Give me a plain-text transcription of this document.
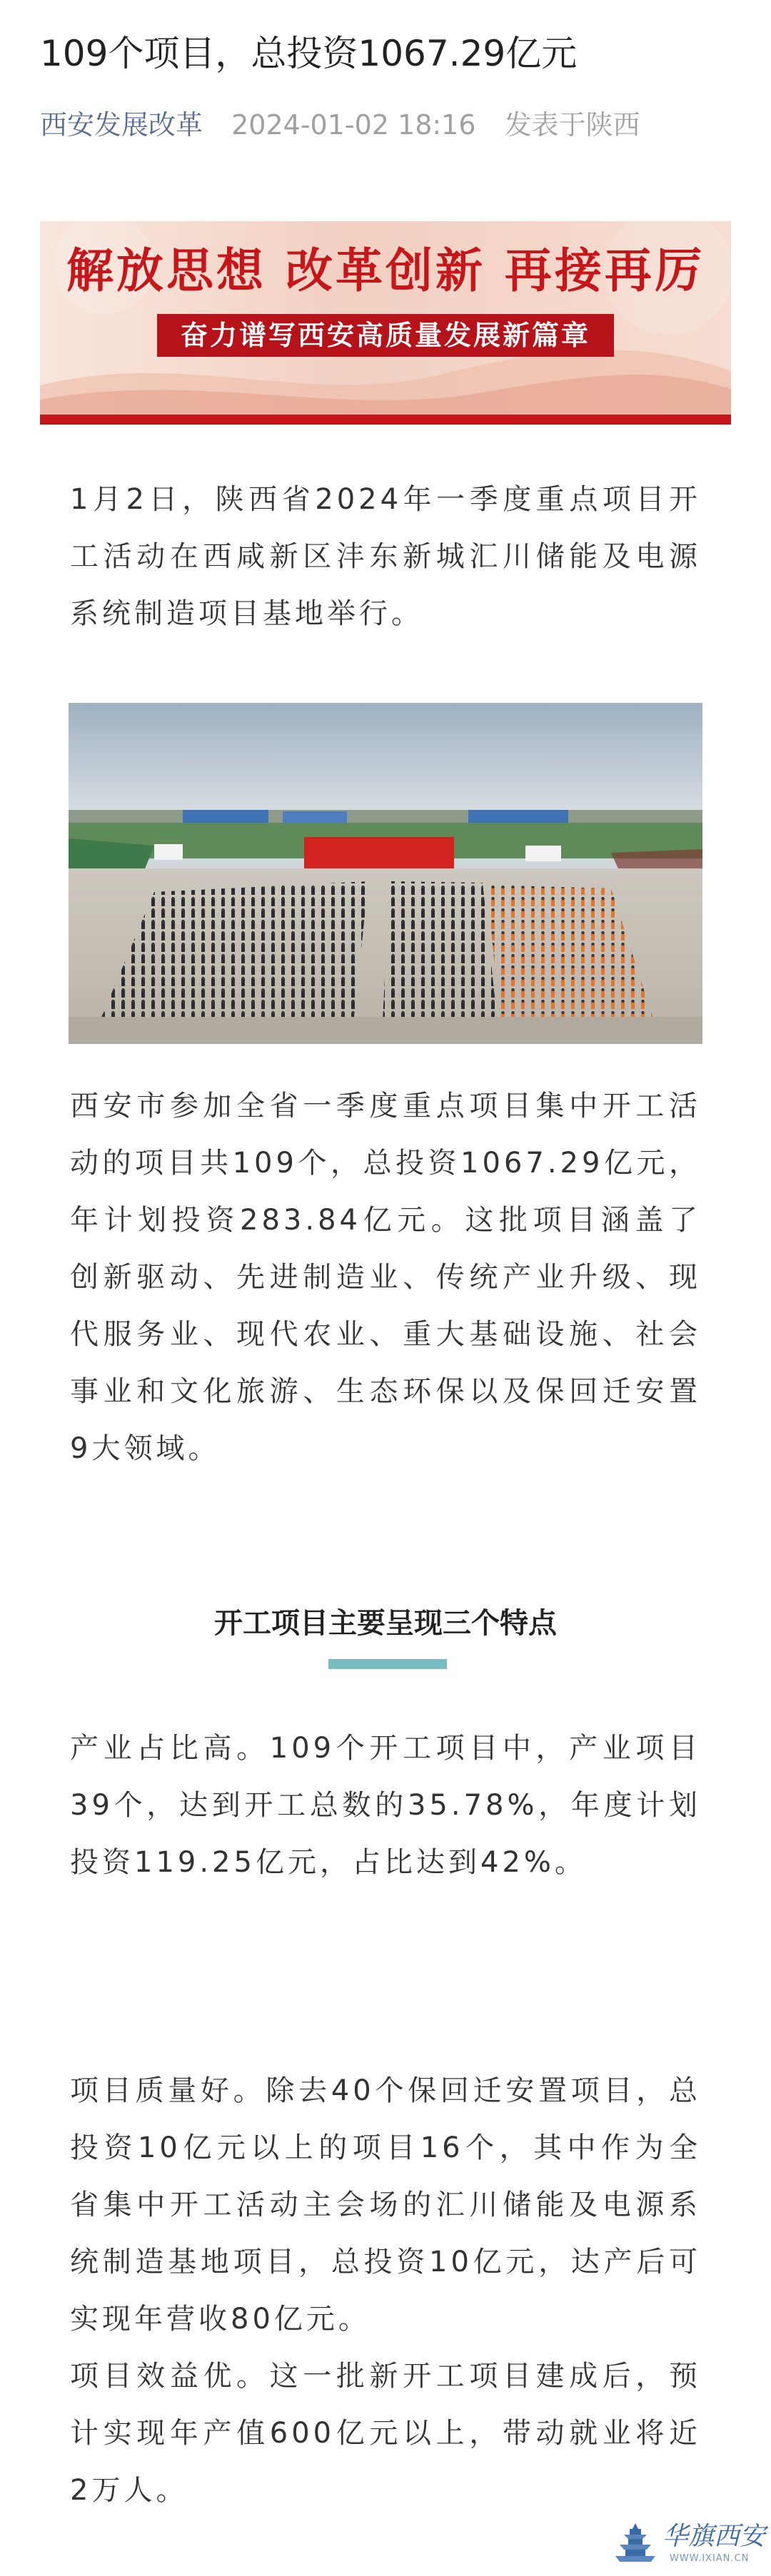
109个项目，总投资1067.29亿元
西安发展改革 2024-01-02 18:16 发表于陕西
解放思想 改革创新 再接再厉
奋力谱写西安高质量发展新篇章

1月2日，陕西省2024年一季度重点项目开工活动在西咸新区沣东新城汇川储能及电源系统制造项目基地举行。

西安市参加全省一季度重点项目集中开工活动的项目共109个，总投资1067.29亿元，年计划投资283.84亿元。这批项目涵盖了创新驱动、先进制造业、传统产业升级、现代服务业、现代农业、重大基础设施、社会事业和文化旅游、生态环保以及保回迁安置9大领域。

开工项目主要呈现三个特点

产业占比高。109个开工项目中，产业项目39个，达到开工总数的35.78%，年度计划投资119.25亿元，占比达到42%。

项目质量好。除去40个保回迁安置项目，总投资10亿元以上的项目16个，其中作为全省集中开工活动主会场的汇川储能及电源系统制造基地项目，总投资10亿元，达产后可实现年营收80亿元。

项目效益优。这一批新开工项目建成后，预计实现年产值600亿元以上，带动就业将近2万人。

华旗西安
WWW.IXIAN.CN
